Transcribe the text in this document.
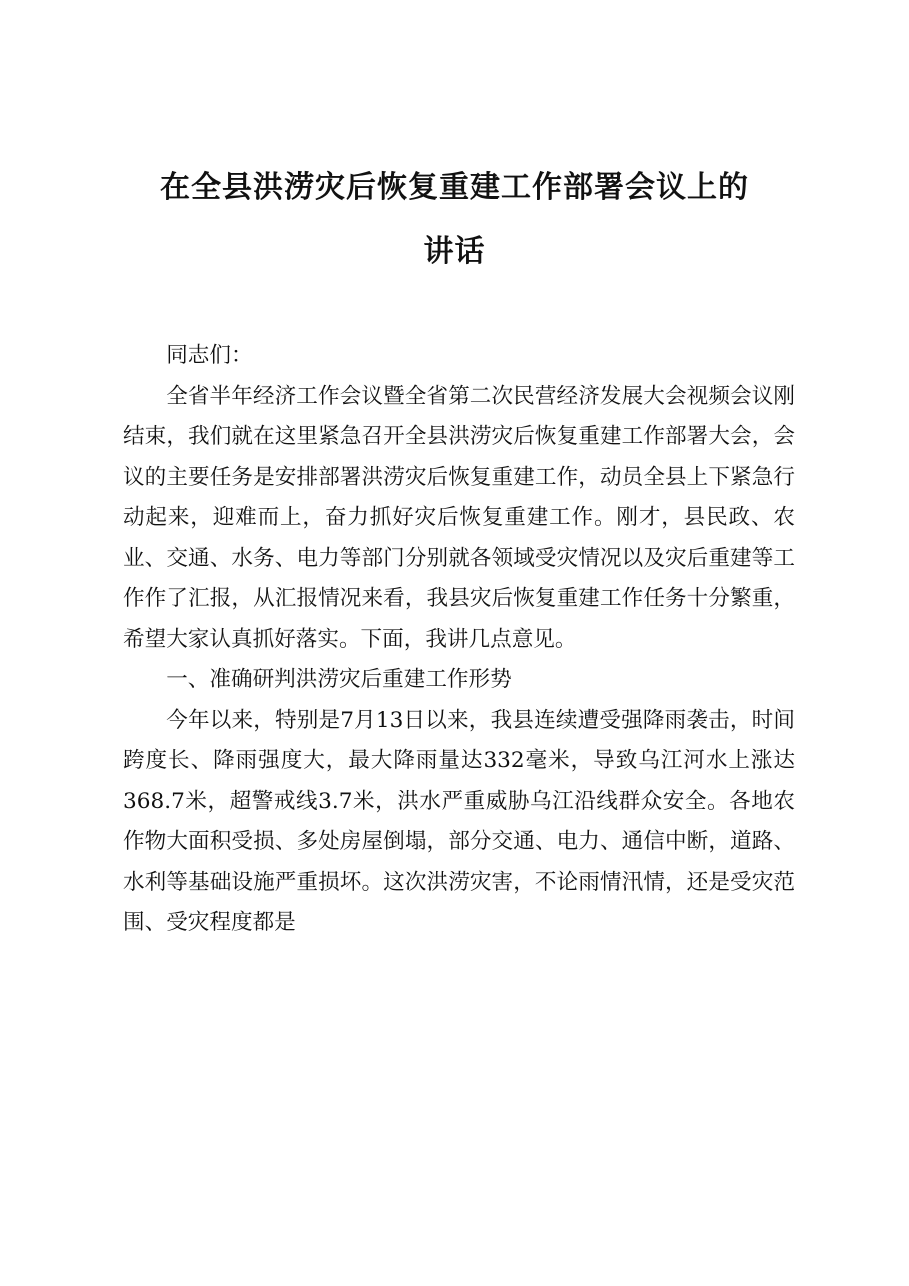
在全县洪涝灾后恢复重建工作部署会议上的
讲话

同志们：

全省半年经济工作会议暨全省第二次民营经济发展大会视频会议刚结束，我们就在这里紧急召开全县洪涝灾后恢复重建工作部署大会，会议的主要任务是安排部署洪涝灾后恢复重建工作，动员全县上下紧急行动起来，迎难而上，奋力抓好灾后恢复重建工作。刚才，县民政、农业、交通、水务、电力等部门分别就各领域受灾情况以及灾后重建等工作作了汇报，从汇报情况来看，我县灾后恢复重建工作任务十分繁重，希望大家认真抓好落实。下面，我讲几点意见。

一、准确研判洪涝灾后重建工作形势

今年以来，特别是7月13日以来，我县连续遭受强降雨袭击，时间跨度长、降雨强度大，最大降雨量达332毫米，导致乌江河水上涨达368.7米，超警戒线3.7米，洪水严重威胁乌江沿线群众安全。各地农作物大面积受损、多处房屋倒塌，部分交通、电力、通信中断，道路、水利等基础设施严重损坏。这次洪涝灾害，不论雨情汛情，还是受灾范围、受灾程度都是
